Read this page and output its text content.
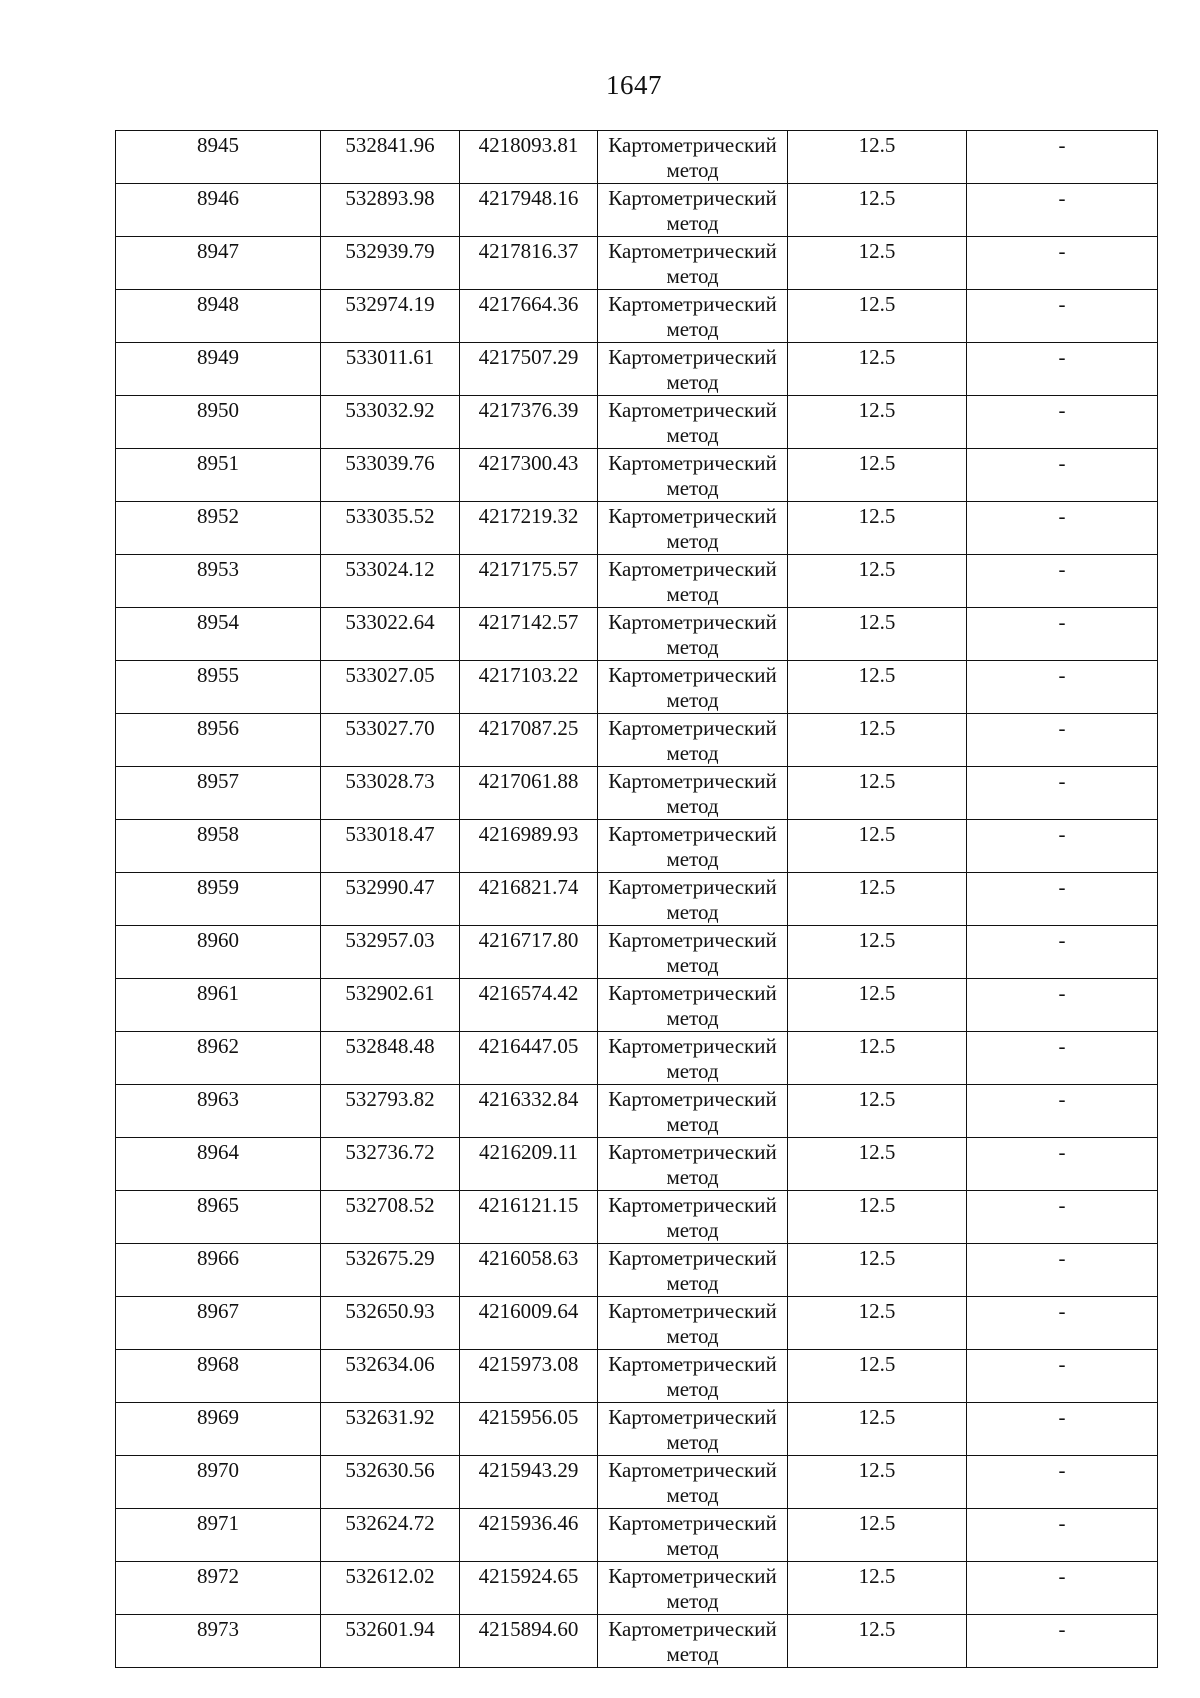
1647
8945	532841.96	4218093.81	Картометрический
метод	12.5	-

8946	532893.98	4217948.16	Картометрический
метод	12.5	-

8947	532939.79	4217816.37	Картометрический
метод	12.5	-

8948	532974.19	4217664.36	Картометрический
метод	12.5	-

8949	533011.61	4217507.29	Картометрический
метод	12.5	-

8950	533032.92	4217376.39	Картометрический
метод	12.5	-

8951	533039.76	4217300.43	Картометрический
метод	12.5	-

8952	533035.52	4217219.32	Картометрический
метод	12.5	-

8953	533024.12	4217175.57	Картометрический
метод	12.5	-

8954	533022.64	4217142.57	Картометрический
метод	12.5	-

8955	533027.05	4217103.22	Картометрический
метод	12.5	-

8956	533027.70	4217087.25	Картометрический
метод	12.5	-

8957	533028.73	4217061.88	Картометрический
метод	12.5	-

8958	533018.47	4216989.93	Картометрический
метод	12.5	-

8959	532990.47	4216821.74	Картометрический
метод	12.5	-

8960	532957.03	4216717.80	Картометрический
метод	12.5	-

8961	532902.61	4216574.42	Картометрический
метод	12.5	-

8962	532848.48	4216447.05	Картометрический
метод	12.5	-

8963	532793.82	4216332.84	Картометрический
метод	12.5	-

8964	532736.72	4216209.11	Картометрический
метод	12.5	-

8965	532708.52	4216121.15	Картометрический
метод	12.5	-

8966	532675.29	4216058.63	Картометрический
метод	12.5	-

8967	532650.93	4216009.64	Картометрический
метод	12.5	-

8968	532634.06	4215973.08	Картометрический
метод	12.5	-

8969	532631.92	4215956.05	Картометрический
метод	12.5	-

8970	532630.56	4215943.29	Картометрический
метод	12.5	-

8971	532624.72	4215936.46	Картометрический
метод	12.5	-

8972	532612.02	4215924.65	Картометрический
метод	12.5	-

8973	532601.94	4215894.60	Картометрический
метод	12.5	-
